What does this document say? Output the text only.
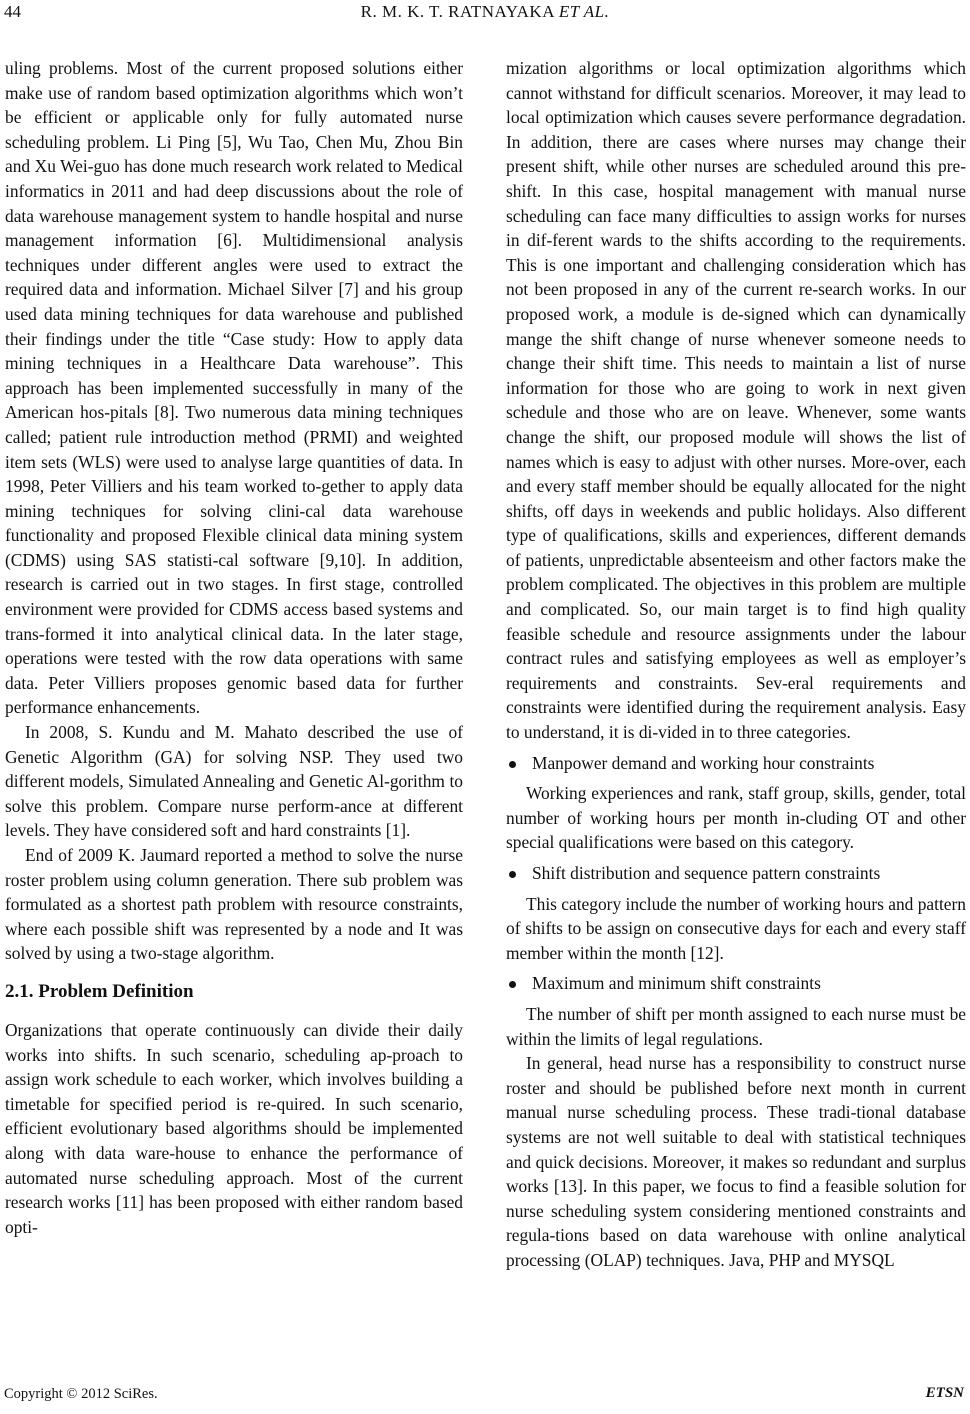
44	R. M. K. T. RATNAYAKA ET AL.

uling problems. Most of the current proposed solutions either make use of random based optimization algorithms which won’t be efficient or applicable only for fully automated nurse scheduling problem. Li Ping [5], Wu Tao, Chen Mu, Zhou Bin and Xu Wei-guo has done much research work related to Medical informatics in 2011 and had deep discussions about the role of data warehouse management system to handle hospital and nurse management information [6]. Multidimensional analysis techniques under different angles were used to extract the required data and information. Michael Silver [7] and his group used data mining techniques for data warehouse and published their findings under the title “Case study: How to apply data mining techniques in a Healthcare Data warehouse”. This approach has been implemented successfully in many of the American hos-pitals [8]. Two numerous data mining techniques called; patient rule introduction method (PRMI) and weighted item sets (WLS) were used to analyse large quantities of data. In 1998, Peter Villiers and his team worked to-gether to apply data mining techniques for solving clini-cal data warehouse functionality and proposed Flexible clinical data mining system (CDMS) using SAS statisti-cal software [9,10]. In addition, research is carried out in two stages. In first stage, controlled environment were provided for CDMS access based systems and trans-formed it into analytical clinical data. In the later stage, operations were tested with the row data operations with same data. Peter Villiers proposes genomic based data for further performance enhancements.

In 2008, S. Kundu and M. Mahato described the use of Genetic Algorithm (GA) for solving NSP. They used two different models, Simulated Annealing and Genetic Al-gorithm to solve this problem. Compare nurse perform-ance at different levels. They have considered soft and hard constraints [1].

End of 2009 K. Jaumard reported a method to solve the nurse roster problem using column generation. There sub problem was formulated as a shortest path problem with resource constraints, where each possible shift was represented by a node and It was solved by using a two-stage algorithm.

2.1. Problem Definition

Organizations that operate continuously can divide their daily works into shifts. In such scenario, scheduling ap-proach to assign work schedule to each worker, which involves building a timetable for specified period is re-quired. In such scenario, efficient evolutionary based algorithms should be implemented along with data ware-house to enhance the performance of automated nurse scheduling approach. Most of the current research works [11] has been proposed with either random based opti-

mization algorithms or local optimization algorithms which cannot withstand for difficult scenarios. Moreover, it may lead to local optimization which causes severe performance degradation. In addition, there are cases where nurses may change their present shift, while other nurses are scheduled around this pre-shift. In this case, hospital management with manual nurse scheduling can face many difficulties to assign works for nurses in dif-ferent wards to the shifts according to the requirements. This is one important and challenging consideration which has not been proposed in any of the current re-search works. In our proposed work, a module is de-signed which can dynamically mange the shift change of nurse whenever someone needs to change their shift time. This needs to maintain a list of nurse information for those who are going to work in next given schedule and those who are on leave. Whenever, some wants change the shift, our proposed module will shows the list of names which is easy to adjust with other nurses. More-over, each and every staff member should be equally allocated for the night shifts, off days in weekends and public holidays. Also different type of qualifications, skills and experiences, different demands of patients, unpredictable absenteeism and other factors make the problem complicated. The objectives in this problem are multiple and complicated. So, our main target is to find high quality feasible schedule and resource assignments under the labour contract rules and satisfying employees as well as employer’s requirements and constraints. Sev-eral requirements and constraints were identified during the requirement analysis. Easy to understand, it is di-vided in to three categories.

Manpower demand and working hour constraints

Working experiences and rank, staff group, skills, gender, total number of working hours per month in-cluding OT and other special qualifications were based on this category.

Shift distribution and sequence pattern constraints

This category include the number of working hours and pattern of shifts to be assign on consecutive days for each and every staff member within the month [12].

Maximum and minimum shift constraints

The number of shift per month assigned to each nurse must be within the limits of legal regulations.

In general, head nurse has a responsibility to construct nurse roster and should be published before next month in current manual nurse scheduling process. These tradi-tional database systems are not well suitable to deal with statistical techniques and quick decisions. Moreover, it makes so redundant and surplus works [13]. In this paper, we focus to find a feasible solution for nurse scheduling system considering mentioned constraints and regula-tions based on data warehouse with online analytical processing (OLAP) techniques. Java, PHP and MYSQL

Copyright © 2012 SciRes.	ETSN
